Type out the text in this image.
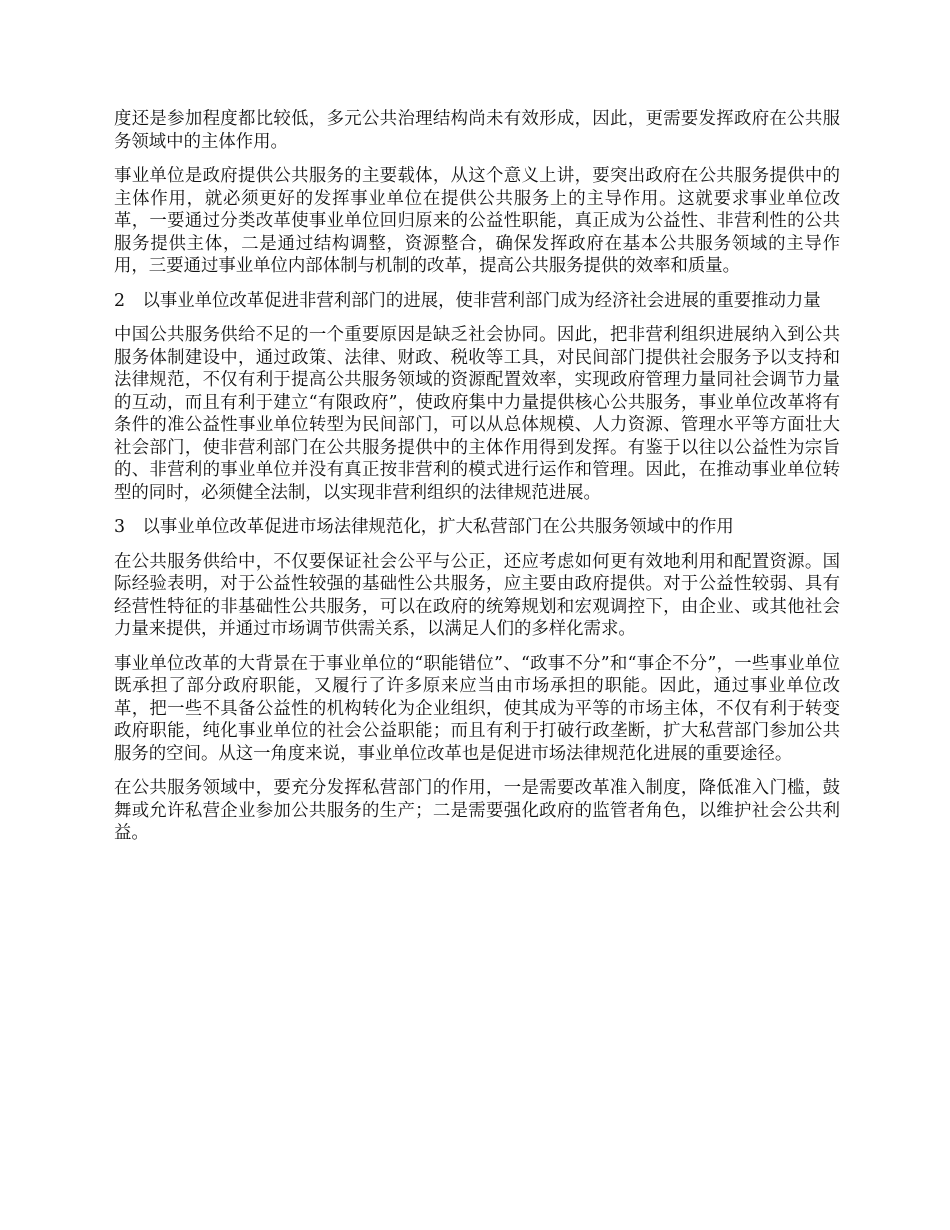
度还是参加程度都比较低，多元公共治理结构尚未有效形成，因此，更需要发挥政府在公共服务领域中的主体作用。

事业单位是政府提供公共服务的主要载体，从这个意义上讲，要突出政府在公共服务提供中的主体作用，就必须更好的发挥事业单位在提供公共服务上的主导作用。这就要求事业单位改革，一要通过分类改革使事业单位回归原来的公益性职能，真正成为公益性、非营利性的公共服务提供主体，二是通过结构调整，资源整合，确保发挥政府在基本公共服务领域的主导作用，三要通过事业单位内部体制与机制的改革，提高公共服务提供的效率和质量。

2　以事业单位改革促进非营利部门的进展，使非营利部门成为经济社会进展的重要推动力量

中国公共服务供给不足的一个重要原因是缺乏社会协同。因此，把非营利组织进展纳入到公共服务体制建设中，通过政策、法律、财政、税收等工具，对民间部门提供社会服务予以支持和法律规范，不仅有利于提高公共服务领域的资源配置效率，实现政府管理力量同社会调节力量的互动，而且有利于建立“有限政府”，使政府集中力量提供核心公共服务，事业单位改革将有条件的准公益性事业单位转型为民间部门，可以从总体规模、人力资源、管理水平等方面壮大社会部门，使非营利部门在公共服务提供中的主体作用得到发挥。有鉴于以往以公益性为宗旨的、非营利的事业单位并没有真正按非营利的模式进行运作和管理。因此，在推动事业单位转型的同时，必须健全法制，以实现非营利组织的法律规范进展。

3　以事业单位改革促进市场法律规范化，扩大私营部门在公共服务领域中的作用

在公共服务供给中，不仅要保证社会公平与公正，还应考虑如何更有效地利用和配置资源。国际经验表明，对于公益性较强的基础性公共服务，应主要由政府提供。对于公益性较弱、具有经营性特征的非基础性公共服务，可以在政府的统筹规划和宏观调控下，由企业、或其他社会力量来提供，并通过市场调节供需关系，以满足人们的多样化需求。

事业单位改革的大背景在于事业单位的“职能错位”、“政事不分”和“事企不分”，一些事业单位既承担了部分政府职能，又履行了许多原来应当由市场承担的职能。因此，通过事业单位改革，把一些不具备公益性的机构转化为企业组织，使其成为平等的市场主体，不仅有利于转变政府职能，纯化事业单位的社会公益职能；而且有利于打破行政垄断，扩大私营部门参加公共服务的空间。从这一角度来说，事业单位改革也是促进市场法律规范化进展的重要途径。

在公共服务领域中，要充分发挥私营部门的作用，一是需要改革准入制度，降低准入门槛，鼓舞或允许私营企业参加公共服务的生产；二是需要强化政府的监管者角色，以维护社会公共利益。
